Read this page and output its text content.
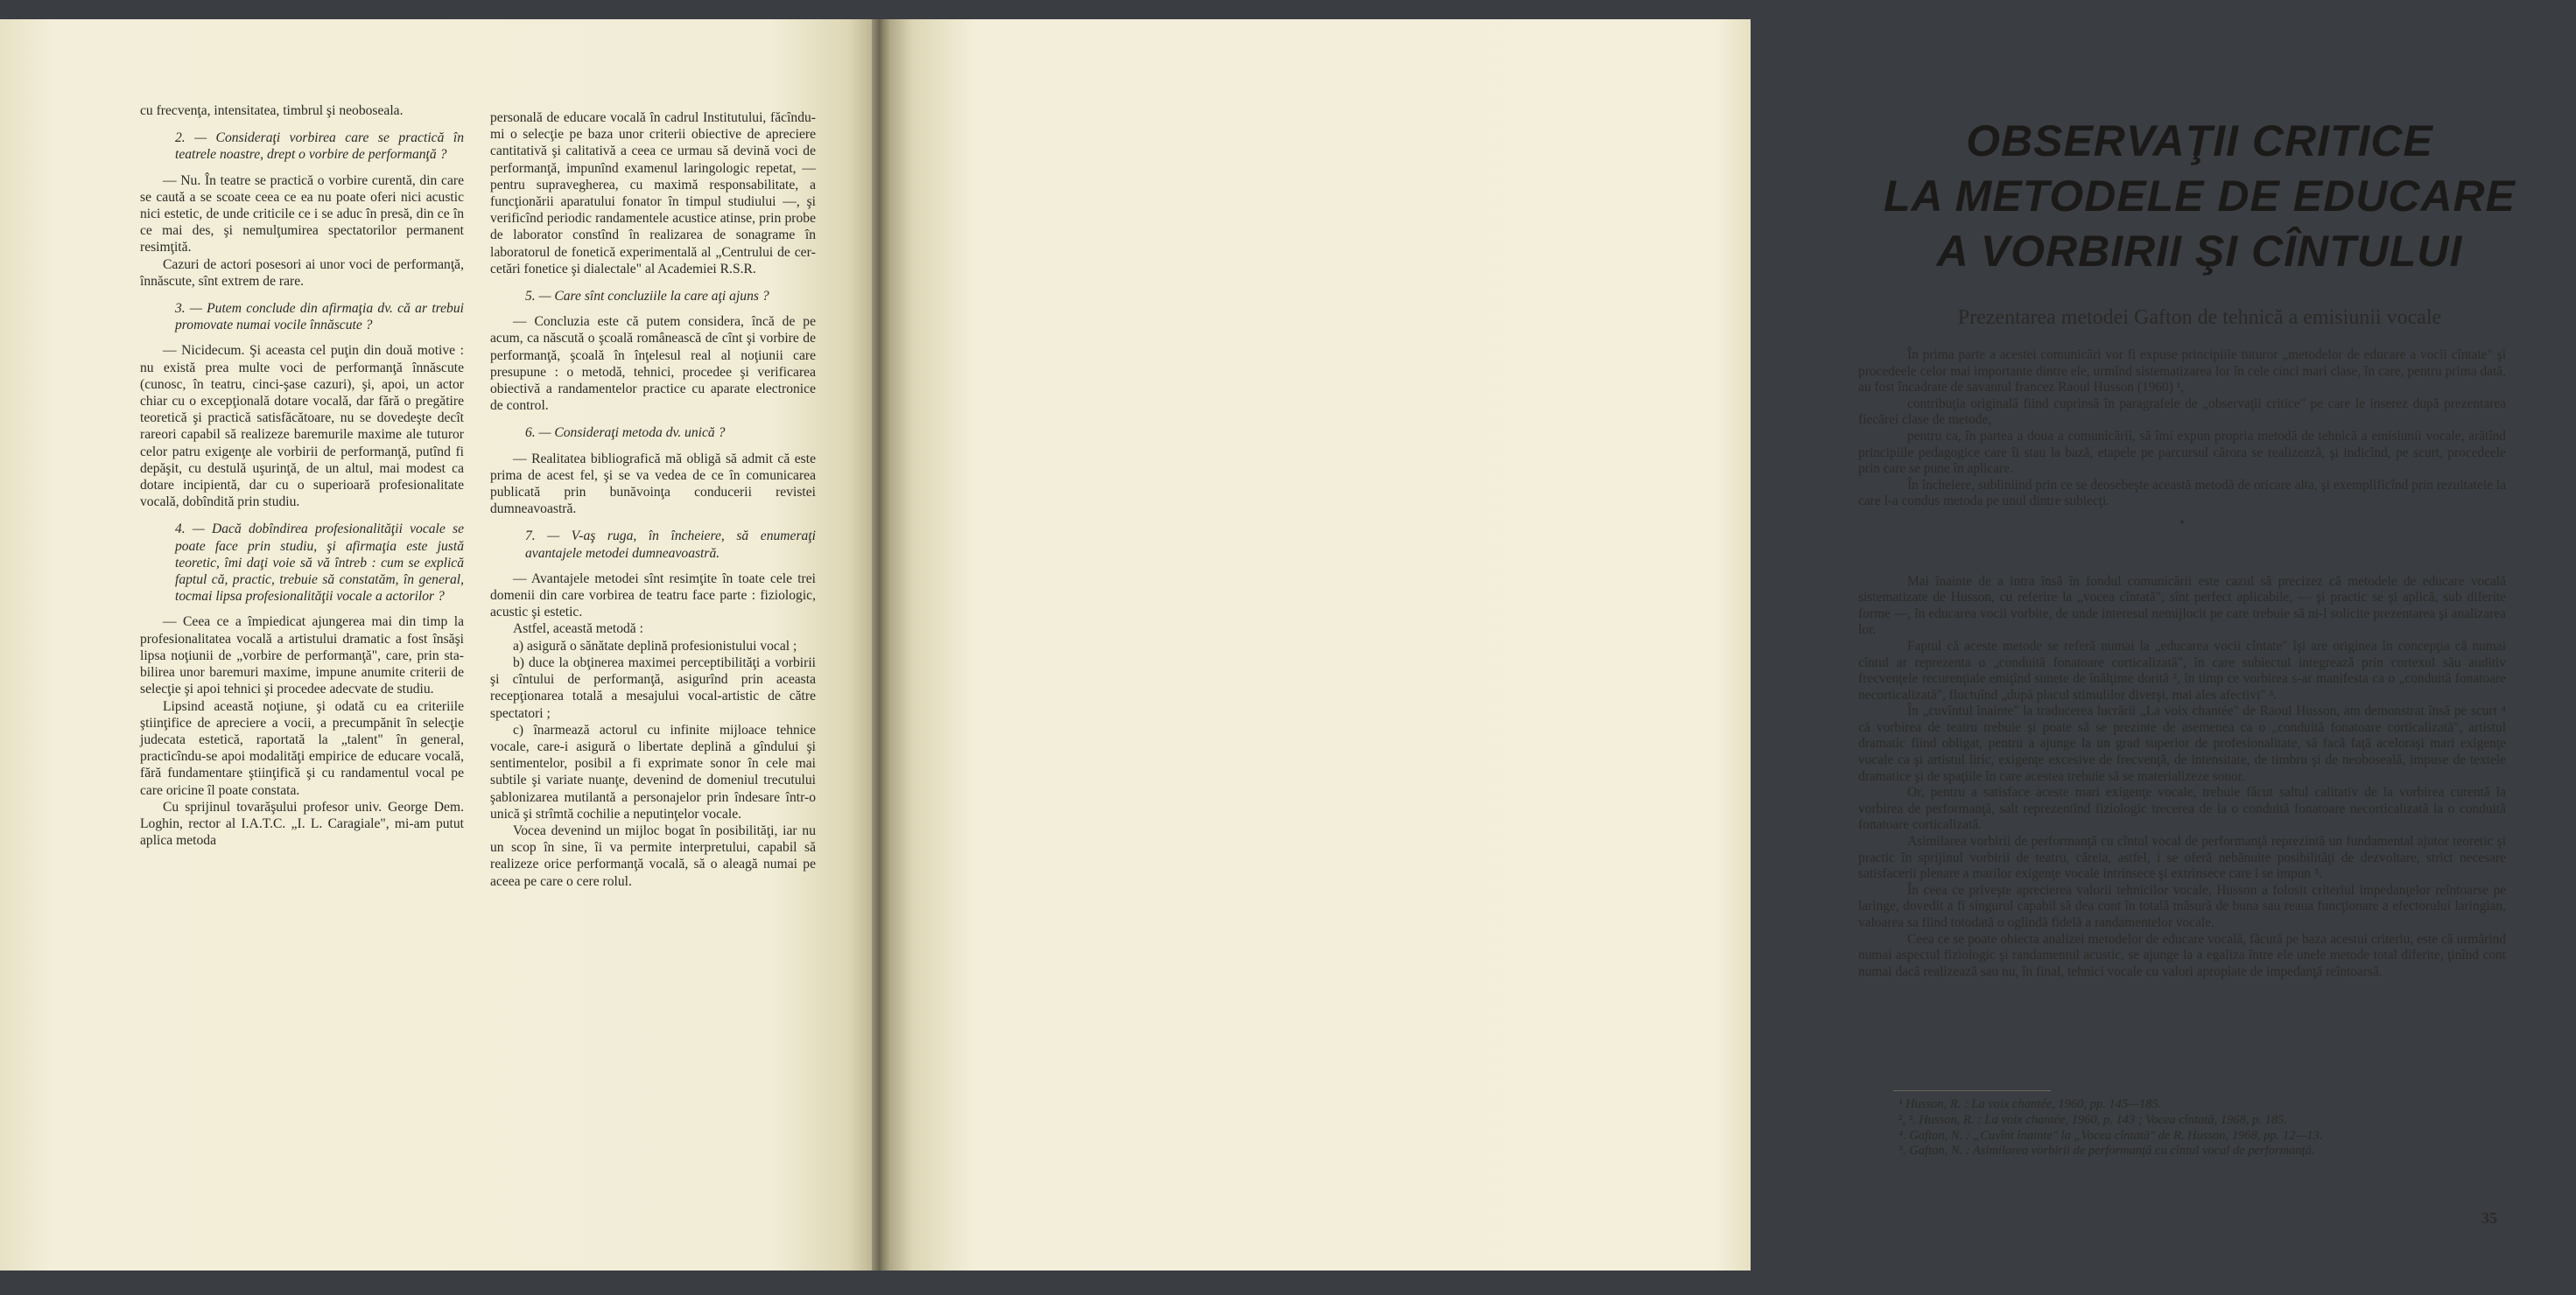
cu frecvenţa, intensitatea, timbrul şi neoboseala.

2. — Consideraţi vorbirea care se practică în teatrele noastre, drept o vorbire de performanţă ?

— Nu. În teatre se practică o vorbire curentă, din care se caută a se scoate ceea ce ea nu poate oferi nici acustic nici estetic, de unde criticile ce i se aduc în presă, din ce în ce mai des, şi nemulţumirea spectatorilor permanent resimţită.

Cazuri de actori posesori ai unor voci de performanţă, înnăscute, sînt extrem de rare.

3. — Putem conclude din afirmaţia dv. că ar trebui promovate numai vocile înnăscute ?

— Nicidecum. Şi aceasta cel puţin din două motive : nu există prea multe voci de performanţă înnăscute (cunosc, în teatru, cinci-şase cazuri), şi, apoi, un actor chiar cu o excepţională dotare vocală, dar fără o pregătire teoretică şi practică satisfăcătoare, nu se dovedeşte decît rareori capabil să realizeze baremurile maxime ale tuturor celor patru exigenţe ale vorbirii de performanţă, putînd fi depăşit, cu destulă uşurinţă, de un altul, mai modest ca dotare incipientă, dar cu o superioară profesionalitate vocală, dobîndită prin studiu.

4. — Dacă dobîndirea profesionalităţii vocale se poate face prin studiu, şi afirmaţia este justă teoretic, îmi daţi voie să vă întreb : cum se explică faptul că, practic, trebuie să constatăm, în general, tocmai lipsa profesionalităţii vocale a actorilor ?

— Ceea ce a împiedicat ajungerea mai din timp la profesionalitatea vocală a artistului dramatic a fost însăşi lipsa noţiunii de „vorbire de performanţă", care, prin stabilirea unor baremuri maxime, impune anumite criterii de selecţie şi apoi tehnici şi procedee adecvate de studiu.

Lipsind această noţiune, şi odată cu ea criteriile ştiinţifice de apreciere a vocii, a precumpănit în selecţie judecata estetică, raportată la „talent" în general, practicîndu-se apoi modalităţi empirice de educare vocală, fără fundamentare ştiinţifică şi cu randamentul vocal pe care oricine îl poate constata.

Cu sprijinul tovarăşului profesor univ. George Dem. Loghin, rector al I.A.T.C. „I. L. Caragiale", mi-am putut aplica metoda

personală de educare vocală în cadrul Institutului, făcîndu-mi o selecţie pe baza unor criterii obiective de apreciere cantitativă şi calitativă a ceea ce urmau să devină voci de performanţă, impunînd examenul laringologic repetat, — pentru supravegherea, cu maximă responsabilitate, a funcţionării aparatului fonator în timpul studiului —, şi verificînd periodic randamentele acustice atinse, prin probe de laborator constînd în realizarea de sonagrame în laboratorul de fonetică experimentală al „Centrului de cercetări fonetice şi dialectale" al Academiei R.S.R.

5. — Care sînt concluziile la care aţi ajuns ?

— Concluzia este că putem considera, încă de pe acum, ca născută o şcoală românească de cînt şi vorbire de performanţă, şcoală în înţelesul real al noţiunii care presupune : o metodă, tehnici, procedee şi verificarea obiectivă a randamentelor practice cu aparate electronice de control.

6. — Consideraţi metoda dv. unică ?

— Realitatea bibliografică mă obligă să admit că este prima de acest fel, şi se va vedea de ce în comunicarea publicată prin bunăvoinţa conducerii revistei dumneavoastră.

7. — V-aş ruga, în încheiere, să enumeraţi avantajele metodei dumneavoastră.

— Avantajele metodei sînt resimţite în toate cele trei domenii din care vorbirea de teatru face parte : fiziologic, acustic şi estetic.

Astfel, această metodă :

a) asigură o sănătate deplină profesionistului vocal ;

b) duce la obţinerea maximei perceptibilităţi a vorbirii şi cîntului de performanţă, asigurînd prin aceasta recepţionarea totală a mesajului vocal-artistic de către spectatori ;

c) înarmează actorul cu infinite mijloace tehnice vocale, care-i asigură o libertate deplină a gîndului şi sentimentelor, posibil a fi exprimate sonor în cele mai subtile şi variate nuanţe, devenind de domeniul trecutului şablonizarea mutilantă a personajelor prin îndesare într-o unică şi strîmtă cochilie a neputinţelor vocale.

Vocea devenind un mijloc bogat în posibilităţi, iar nu un scop în sine, îi va permite interpretului, capabil să realizeze orice performanţă vocală, să o aleagă numai pe aceea pe care o cere rolul.

OBSERVAŢII CRITICE
LA METODELE DE EDUCARE
A VORBIRII ŞI CÎNTULUI
Prezentarea metodei Gafton de tehnică a emisiunii vocale

În prima parte a acestei comunicări vor fi expuse principiile tuturor „metodelor de educare a vocii cîntate" şi procedeele celor mai importante dintre ele, urmînd sistematizarea lor în cele cinci mari clase, în care, pentru prima dată, au fost încadrate de savantul francez Raoul Husson (1960) ¹,

contribuţia originală fiind cuprinsă în paragrafele de „observaţii critice" pe care le inserez după prezentarea fiecărei clase de metode,

pentru ca, în partea a doua a comunicării, să îmi expun propria metodă de tehnică a emisiunii vocale, arătînd principiile pedagogice care îi stau la bază, etapele pe parcursul cărora se realizează, şi indicînd, pe scurt, procedeele prin care se pune în aplicare.

În încheiere, subliniind prin ce se deosebeşte această metodă de oricare alta, şi exemplificînd prin rezultatele la care l-a condus metoda pe unul dintre subiecţi.

•

Mai înainte de a intra însă în fondul comunicării este cazul să precizez că metodele de educare vocală sistematizate de Husson, cu referire la „vocea cîntată", sînt perfect aplicabile, — şi practic se şi aplică, sub diferite forme —, în educarea vocii vorbite, de unde interesul nemijlocit pe care trebuie să ni-l solicite prezentarea şi analizarea lor.

Faptul că aceste metode se referă numai la „educarea vocii cîntate" îşi are originea în concepţia că numai cîntul ar reprezenta o „conduită fonatoare corticalizată", în care subiectul integrează prin cortexul său auditiv frecvenţele recurenţiale emiţînd sunete de înălţime dorită ², în timp ce vorbirea s-ar manifesta ca o „conduită fonatoare necorticalizată", fluctuînd „după placul stimulilor diverşi, mai ales afectivi" ³.

În „cuvîntul înainte" la traducerea lucrării „La voix chantée" de Raoul Husson, am demonstrat însă pe scurt ⁴ că vorbirea de teatru trebuie şi poate să se prezinte de asemenea ca o „conduită fonatoare corticalizată", artistul dramatic fiind obligat, pentru a ajunge la un grad superior de profesionalitate, să facă faţă aceloraşi mari exigenţe vocale ca şi artistul liric, exigenţe excesive de frecvenţă, de intensitate, de timbru şi de neoboseală, impuse de textele dramatice şi de spaţiile în care acestea trebuie să se materializeze sonor.

Or, pentru a satisface aceste mari exigenţe vocale, trebuie făcut saltul calitativ de la vorbirea curentă la vorbirea de performanţă, salt reprezentînd fiziologic trecerea de la o conduită fonatoare necorticalizată la o conduită fonatoare corticalizată.

Asimilarea vorbirii de performanţă cu cîntul vocal de performanţă reprezintă un fundamental ajutor teoretic şi practic în sprijinul vorbirii de teatru, căreia, astfel, i se oferă nebănuite posibilităţi de dezvoltare, strict necesare satisfacerii plenare a marilor exigenţe vocale intrinsece şi extrinsece care i se impun ⁵.

În ceea ce priveşte aprecierea valorii tehnicilor vocale, Husson a folosit criteriul impedanţelor reîntoarse pe laringe, dovedit a fi singurul capabil să dea cont în totală măsură de buna sau reaua funcţionare a efectorului laringian, valoarea sa fiind totodată o oglindă fidelă a randamentelor vocale.

Ceea ce se poate obiecta analizei metodelor de educare vocală, făcută pe baza acestui criteriu, este că urmărind numai aspectul fiziologic şi randamentul acustic, se ajunge la a egaliza între ele unele metode total diferite, ţinînd cont numai dacă realizează sau nu, în final, tehnici vocale cu valori apropiate de impedanţă reîntoarsă.

¹ Husson, R. : La voix chantée, 1960, pp. 145—185.
², ³. Husson, R. : La voix chantée, 1960, p. 143 ; Vocea cîntată, 1968, p. 185.
⁴. Gafton, N. : „Cuvînt înainte" la „Vocea cîntată" de R. Husson, 1968, pp. 12—13.
⁵. Gafton, N. : Asimilarea vorbirii de performanţă cu cîntul vocal de performanţă.
35
